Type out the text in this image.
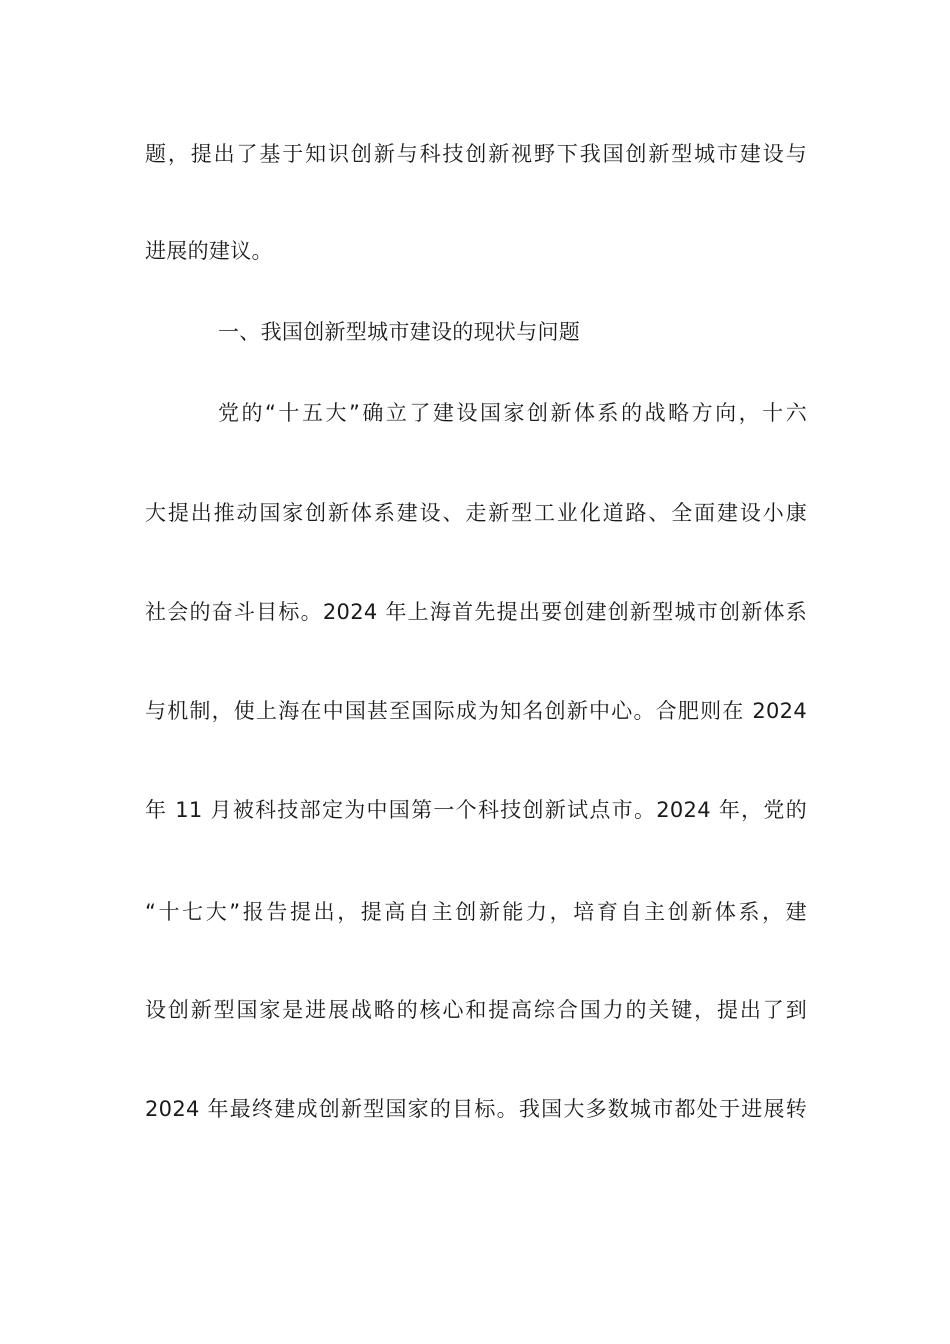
题，提出了基于知识创新与科技创新视野下我国创新型城市建设与
进展的建议。
一、我国创新型城市建设的现状与问题
党的“十五大”确立了建设国家创新体系的战略方向，十六
大提出推动国家创新体系建设、走新型工业化道路、全面建设小康
社会的奋斗目标。2024 年上海首先提出要创建创新型城市创新体系
与机制，使上海在中国甚至国际成为知名创新中心。合肥则在 2024
年 11 月被科技部定为中国第一个科技创新试点市。2024 年，党的
“十七大”报告提出，提高自主创新能力，培育自主创新体系，建
设创新型国家是进展战略的核心和提高综合国力的关键，提出了到
2024 年最终建成创新型国家的目标。我国大多数城市都处于进展转
